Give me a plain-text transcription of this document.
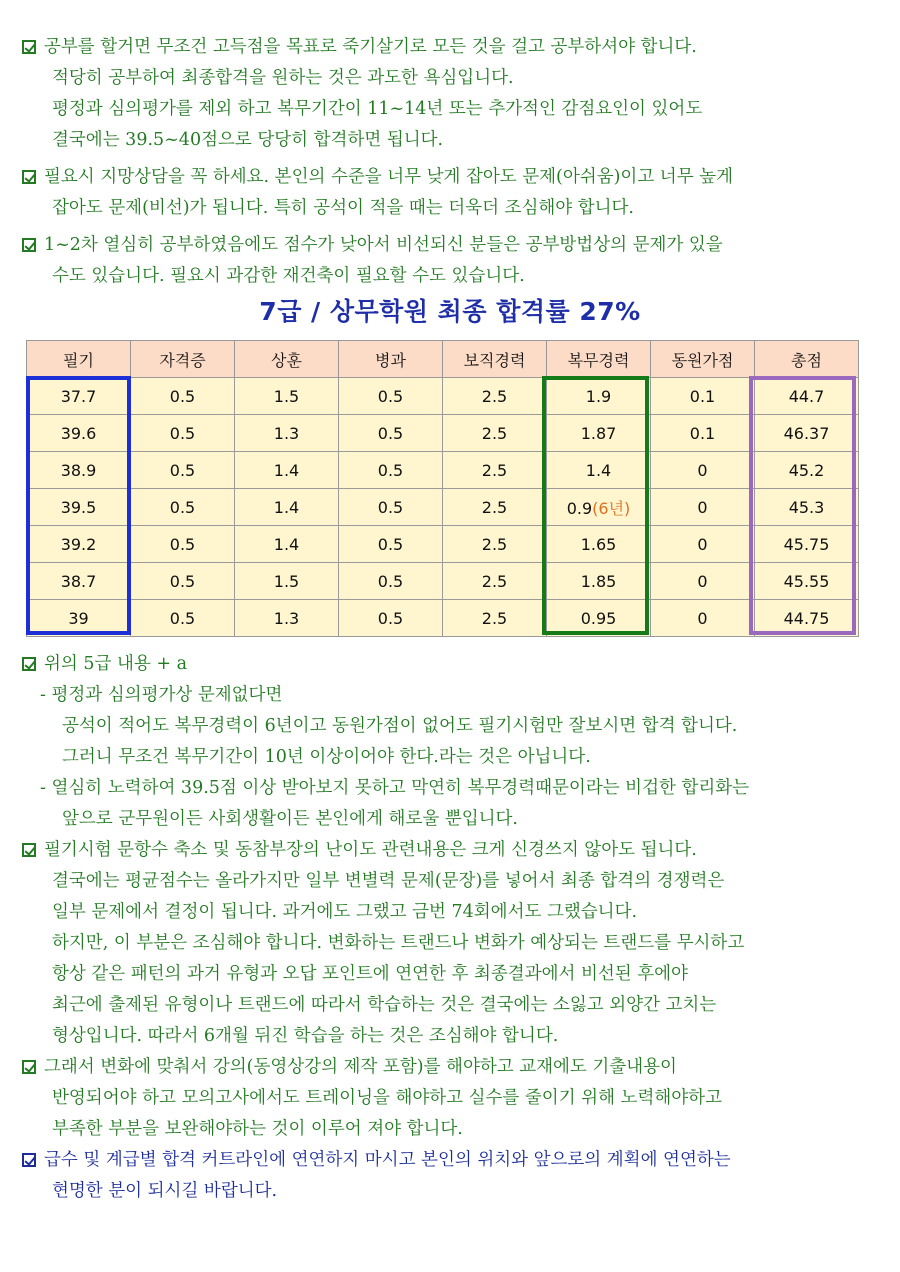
공부를 할거면 무조건 고득점을 목표로 죽기살기로 모든 것을 걸고 공부하셔야 합니다.
적당히 공부하여 최종합격을 원하는 것은 과도한 욕심입니다.
평정과 심의평가를 제외 하고 복무기간이 11~14년 또는 추가적인 감점요인이 있어도
결국에는 39.5~40점으로 당당히 합격하면 됩니다.
필요시 지망상담을 꼭 하세요. 본인의 수준을 너무 낮게 잡아도 문제(아쉬움)이고 너무 높게
잡아도 문제(비선)가 됩니다. 특히 공석이 적을 때는 더욱더 조심해야 합니다.
1~2차 열심히 공부하였음에도 점수가 낮아서 비선되신 분들은 공부방법상의 문제가 있을
수도 있습니다. 필요시 과감한 재건축이 필요할 수도 있습니다.
7급 / 상무학원 최종 합격률 27%
필기	자격증	상훈	병과	보직경력	복무경력	동원가점	총점
37.7	0.5	1.5	0.5	2.5	1.9	0.1	44.7
39.6	0.5	1.3	0.5	2.5	1.87	0.1	46.37
38.9	0.5	1.4	0.5	2.5	1.4	0	45.2
39.5	0.5	1.4	0.5	2.5	0.9(6년)	0	45.3
39.2	0.5	1.4	0.5	2.5	1.65	0	45.75
38.7	0.5	1.5	0.5	2.5	1.85	0	45.55
39	0.5	1.3	0.5	2.5	0.95	0	44.75
위의 5급 내용 + a
- 평정과 심의평가상 문제없다면
공석이 적어도 복무경력이 6년이고 동원가점이 없어도 필기시험만 잘보시면 합격 합니다.
그러니 무조건 복무기간이 10년 이상이어야 한다.라는 것은 아닙니다.
- 열심히 노력하여 39.5점 이상 받아보지 못하고 막연히 복무경력때문이라는 비겁한 합리화는
앞으로 군무원이든 사회생활이든 본인에게 해로울 뿐입니다.
필기시험 문항수 축소 및 동참부장의 난이도 관련내용은 크게 신경쓰지 않아도 됩니다.
결국에는 평균점수는 올라가지만 일부 변별력 문제(문장)를 넣어서 최종 합격의 경쟁력은
일부 문제에서 결정이 됩니다. 과거에도 그랬고 금번 74회에서도 그랬습니다.
하지만, 이 부분은 조심해야 합니다. 변화하는 트랜드나 변화가 예상되는 트랜드를 무시하고
항상 같은 패턴의 과거 유형과 오답 포인트에 연연한 후 최종결과에서 비선된 후에야
최근에 출제된 유형이나 트랜드에 따라서 학습하는 것은 결국에는 소잃고 외양간 고치는
형상입니다. 따라서 6개월 뒤진 학습을 하는 것은 조심해야 합니다.
그래서 변화에 맞춰서 강의(동영상강의 제작 포함)를 해야하고 교재에도 기출내용이
반영되어야 하고 모의고사에서도 트레이닝을 해야하고 실수를 줄이기 위해 노력해야하고
부족한 부분을 보완해야하는 것이 이루어 져야 합니다.
급수 및 계급별 합격 커트라인에 연연하지 마시고 본인의 위치와 앞으로의 계획에 연연하는
현명한 분이 되시길 바랍니다.
